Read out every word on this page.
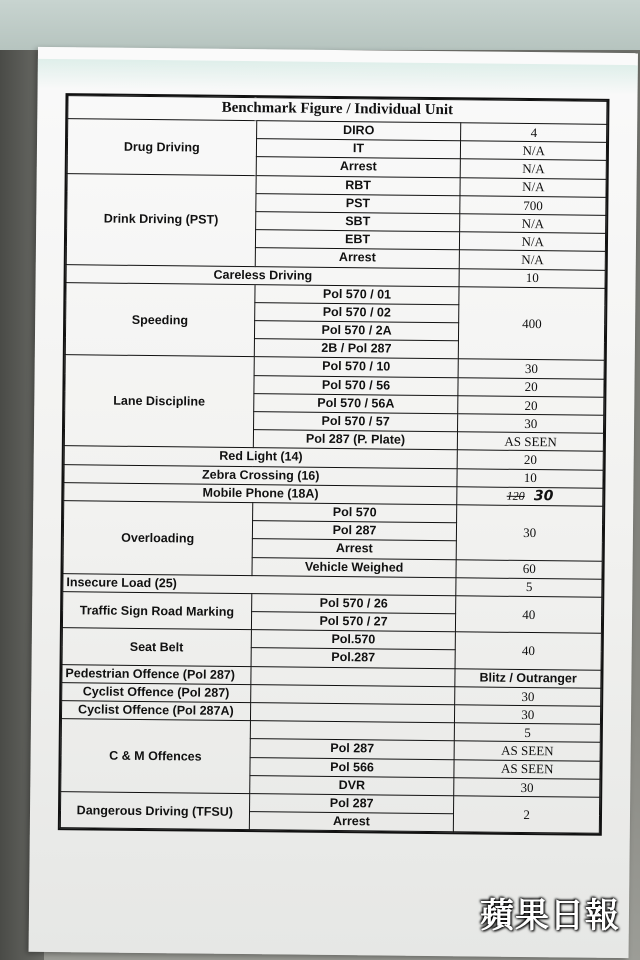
Benchmark Figure / Individual Unit		
Drug Driving	DIRO	4
	IT	N/A
	Arrest	N/A
Drink Driving (PST)	RBT	N/A
	PST	700
	SBT	N/A
	EBT	N/A
	Arrest	N/A
Careless Driving		10
Speeding	Pol 570 / 01	400
	Pol 570 / 02	
	Pol 570 / 2A	
	2B / Pol 287	
Lane Discipline	Pol 570 / 10	30
	Pol 570 / 56	20
	Pol 570 / 56A	20
	Pol 570 / 57	30
	Pol 287 (P. Plate)	AS SEEN
Red Light (14)		20
Zebra Crossing (16)		10
Mobile Phone (18A)		120 30
Overloading	Pol 570	30
	Pol 287	
	Arrest	
	Vehicle Weighed	60
Insecure Load (25)		5
Traffic Sign Road Marking	Pol 570 / 26	40
	Pol 570 / 27	
Seat Belt	Pol.570	40
	Pol.287	
Pedestrian Offence (Pol 287)		Blitz / Outranger
Cyclist Offence (Pol 287)		30
Cyclist Offence (Pol 287A)		30
C & M Offences		5
	Pol 287	AS SEEN
	Pol 566	AS SEEN
	DVR	30
Dangerous Driving (TFSU)	Pol 287	2
	Arrest	
蘋果日報
